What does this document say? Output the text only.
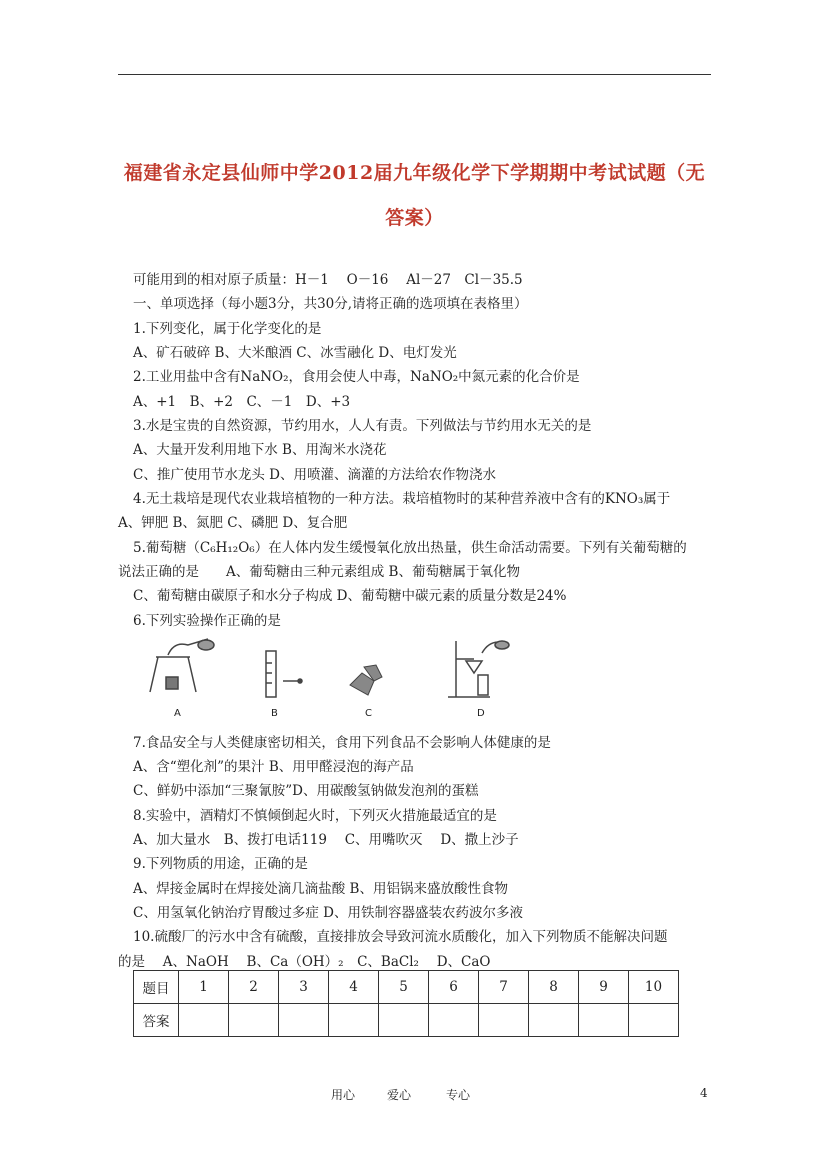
福建省永定县仙师中学2012届九年级化学下学期期中考试试题（无
答案）
可能用到的相对原子质量：H－1　 O－16　 Al－27　Cl－35.5
一、单项选择（每小题3分，共30分,请将正确的选项填在表格里）
1.下列变化，属于化学变化的是
A、矿石破碎 B、大米酿酒 C、冰雪融化 D、电灯发光
2.工业用盐中含有NaNO₂，食用会使人中毒，NaNO₂中氮元素的化合价是
A、+1　B、+2　C、－1　D、+3
3.水是宝贵的自然资源，节约用水，人人有责。下列做法与节约用水无关的是
A、大量开发利用地下水 B、用淘米水浇花
C、推广使用节水龙头 D、用喷灌、滴灌的方法给农作物浇水
4.无土栽培是现代农业栽培植物的一种方法。栽培植物时的某种营养液中含有的KNO₃属于
A、钾肥 B、氮肥 C、磷肥 D、复合肥
5.葡萄糖（C₆H₁₂O₆）在人体内发生缓慢氧化放出热量，供生命活动需要。下列有关葡萄糖的
说法正确的是　　A、葡萄糖由三种元素组成 B、葡萄糖属于氧化物
C、葡萄糖由碳原子和水分子构成 D、葡萄糖中碳元素的质量分数是24%
6.下列实验操作正确的是
A	B	C	D
7.食品安全与人类健康密切相关，食用下列食品不会影响人体健康的是
A、含“塑化剂”的果汁 B、用甲醛浸泡的海产品
C、鲜奶中添加“三聚氰胺”D、用碳酸氢钠做发泡剂的蛋糕
8.实验中，酒精灯不慎倾倒起火时，下列灭火措施最适宜的是
A、加大量水　B、拨打电话119　 C、用嘴吹灭　 D、撒上沙子
9.下列物质的用途，正确的是
A、焊接金属时在焊接处滴几滴盐酸 B、用铝锅来盛放酸性食物
C、用氢氧化钠治疗胃酸过多症 D、用铁制容器盛装农药波尔多液
10.硫酸厂的污水中含有硫酸，直接排放会导致河流水质酸化，加入下列物质不能解决问题
的是　 A、NaOH　 B、Ca（OH）₂　C、BaCl₂　 D、CaO
题目	1	2	3	4	5	6	7	8	9	10
答案										
用心	爱心	专心	4
